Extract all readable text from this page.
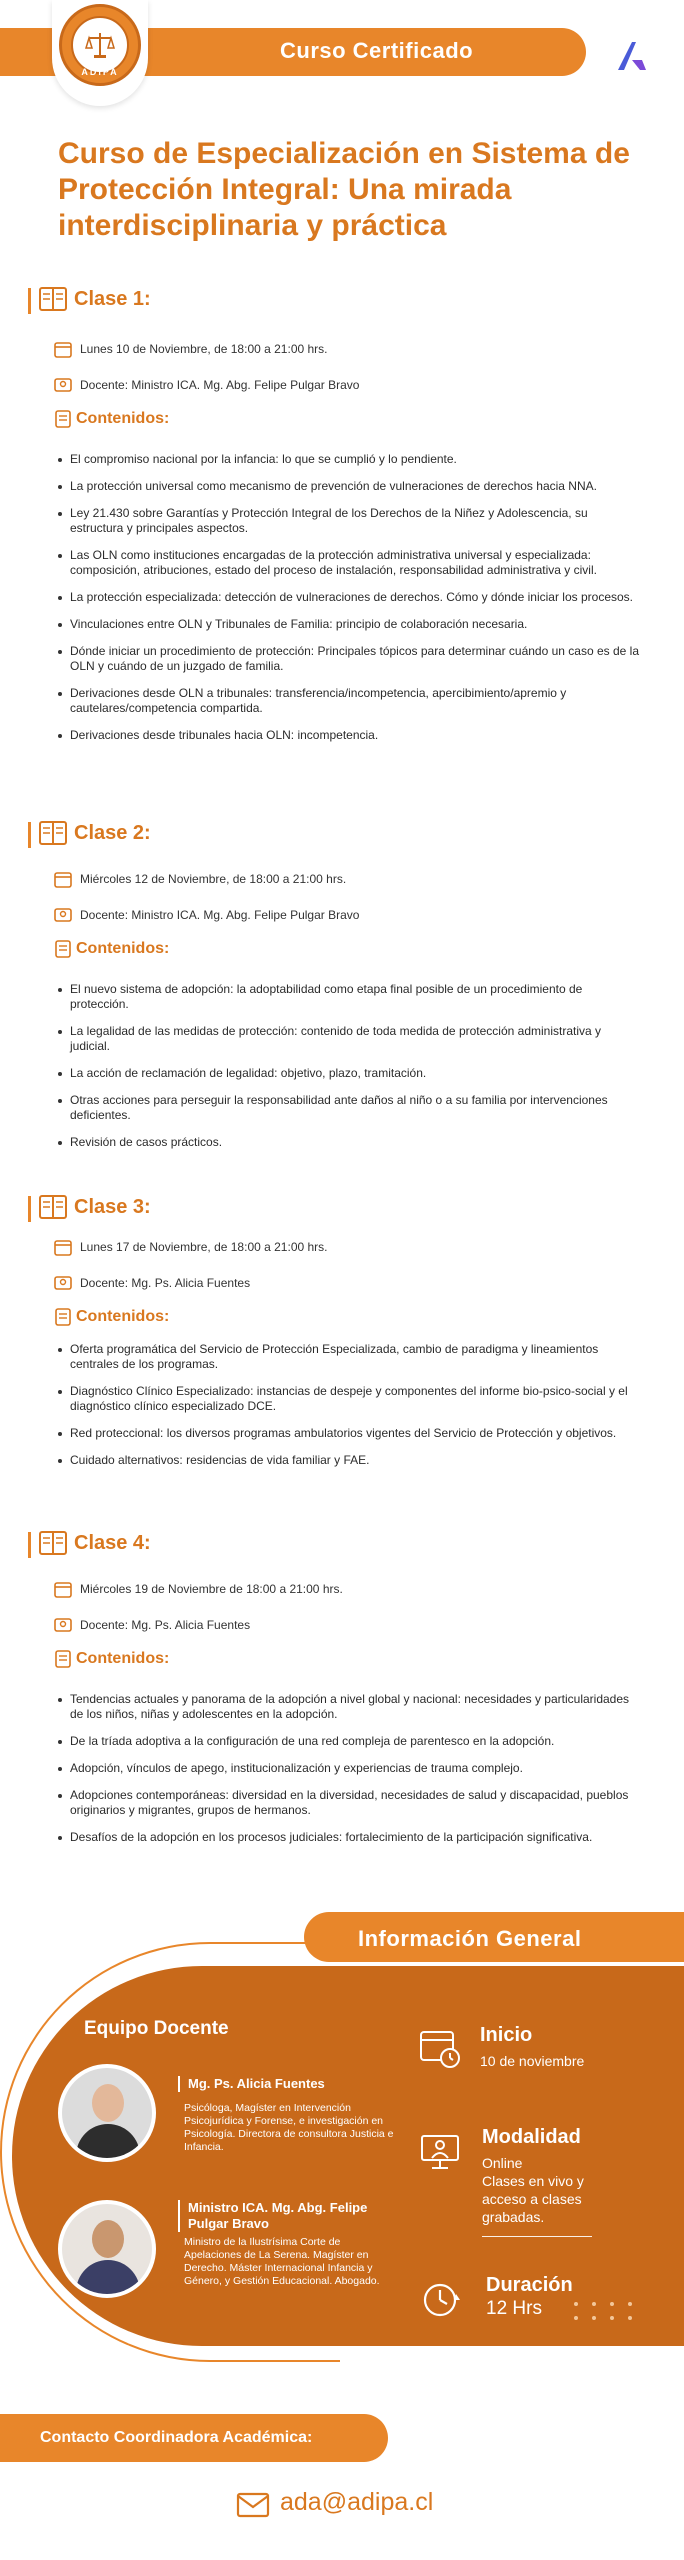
Curso Certificado
ADIPA
Curso de Especialización en Sistema de Protección Integral: Una mirada interdisciplinaria y práctica
Clase 1:
Lunes 10 de Noviembre, de 18:00 a 21:00 hrs.
Docente: Ministro ICA. Mg. Abg. Felipe Pulgar Bravo
Contenidos:
El compromiso nacional por la infancia: lo que se cumplió y lo pendiente.
La protección universal como mecanismo de prevención de vulneraciones de derechos hacia NNA.
Ley 21.430 sobre Garantías y Protección Integral de los Derechos de la Niñez y Adolescencia, su estructura y principales aspectos.
Las OLN como instituciones encargadas de la protección administrativa universal y especializada: composición, atribuciones, estado del proceso de instalación, responsabilidad administrativa y civil.
La protección especializada: detección de vulneraciones de derechos. Cómo y dónde iniciar los procesos.
Vinculaciones entre OLN y Tribunales de Familia: principio de colaboración necesaria.
Dónde iniciar un procedimiento de protección: Principales tópicos para determinar cuándo un caso es de la OLN y cuándo de un juzgado de familia.
Derivaciones desde OLN a tribunales: transferencia/incompetencia, apercibimiento/apremio y cautelares/competencia compartida.
Derivaciones desde tribunales hacia OLN: incompetencia.
Clase 2:
Miércoles 12 de Noviembre, de 18:00 a 21:00 hrs.
Docente: Ministro ICA. Mg. Abg. Felipe Pulgar Bravo
Contenidos:
El nuevo sistema de adopción: la adoptabilidad como etapa final posible de un procedimiento de protección.
La legalidad de las medidas de protección: contenido de toda medida de protección administrativa y judicial.
La acción de reclamación de legalidad: objetivo, plazo, tramitación.
Otras acciones para perseguir la responsabilidad ante daños al niño o a su familia por intervenciones deficientes.
Revisión de casos prácticos.
Clase 3:
Lunes 17 de Noviembre, de 18:00 a 21:00 hrs.
Docente: Mg. Ps. Alicia Fuentes
Contenidos:
Oferta programática del Servicio de Protección Especializada, cambio de paradigma y lineamientos centrales de los programas.
Diagnóstico Clínico Especializado: instancias de despeje y componentes del informe bio-psico-social y el diagnóstico clínico especializado DCE.
Red proteccional: los diversos programas ambulatorios vigentes del Servicio de Protección y objetivos.
Cuidado alternativos: residencias de vida familiar y FAE.
Clase 4:
Miércoles 19 de Noviembre de 18:00 a 21:00 hrs.
Docente: Mg. Ps. Alicia Fuentes
Contenidos:
Tendencias actuales y panorama de la adopción a nivel global y nacional: necesidades y particularidades de los niños, niñas y adolescentes en la adopción.
De la tríada adoptiva a la configuración de una red compleja de parentesco en la adopción.
Adopción, vínculos de apego, institucionalización y experiencias de trauma complejo.
Adopciones contemporáneas: diversidad en la diversidad, necesidades de salud y discapacidad, pueblos originarios y migrantes, grupos de hermanos.
Desafíos de la adopción en los procesos judiciales: fortalecimiento de la participación significativa.
Información General
Equipo Docente
Mg. Ps. Alicia Fuentes
Psicóloga, Magíster en Intervención Psicojurídica y Forense, e investigación en Psicología. Directora de consultora Justicia e Infancia.
Ministro ICA. Mg. Abg. Felipe Pulgar Bravo
Ministro de la Ilustrísima Corte de Apelaciones de La Serena. Magíster en Derecho. Máster Internacional Infancia y Género, y Gestión Educacional. Abogado.
Inicio
10 de noviembre
Modalidad
Online
Clases en vivo y acceso a clases grabadas.
Duración
12 Hrs
Contacto Coordinadora Académica:
ada@adipa.cl
